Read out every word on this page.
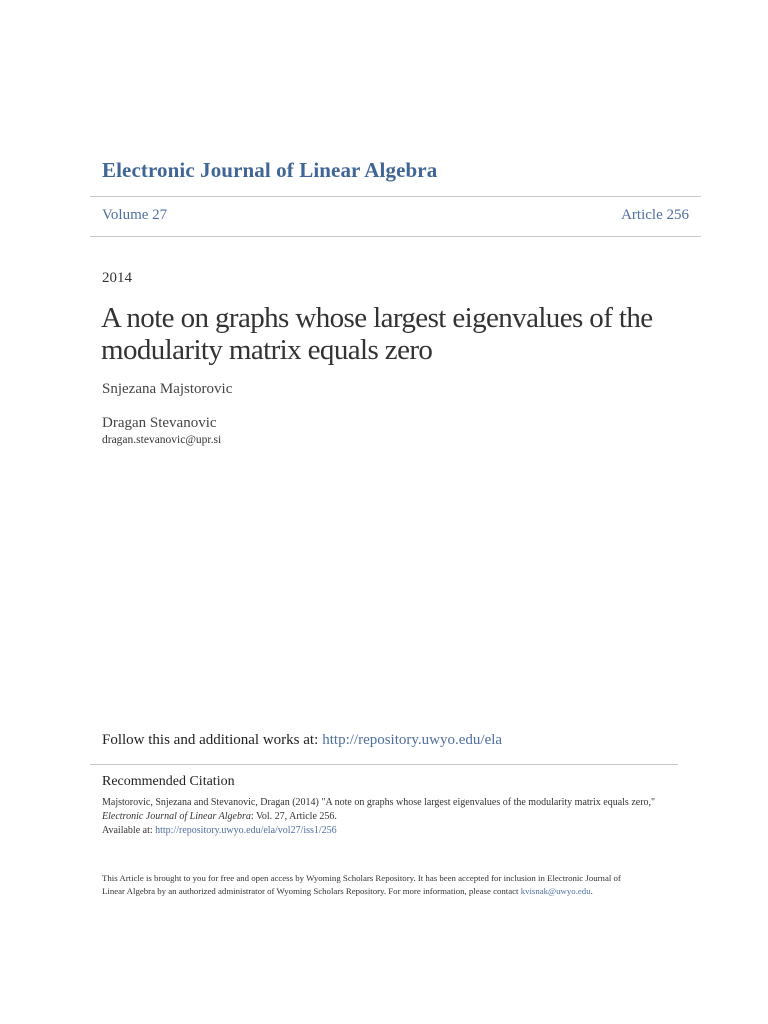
Electronic Journal of Linear Algebra
Volume 27	Article 256
2014
A note on graphs whose largest eigenvalues of the modularity matrix equals zero
Snjezana Majstorovic
Dragan Stevanovic
dragan.stevanovic@upr.si
Follow this and additional works at: http://repository.uwyo.edu/ela
Recommended Citation
Majstorovic, Snjezana and Stevanovic, Dragan (2014) "A note on graphs whose largest eigenvalues of the modularity matrix equals zero," Electronic Journal of Linear Algebra: Vol. 27, Article 256.
Available at: http://repository.uwyo.edu/ela/vol27/iss1/256
This Article is brought to you for free and open access by Wyoming Scholars Repository. It has been accepted for inclusion in Electronic Journal of Linear Algebra by an authorized administrator of Wyoming Scholars Repository. For more information, please contact kvisnak@uwyo.edu.
